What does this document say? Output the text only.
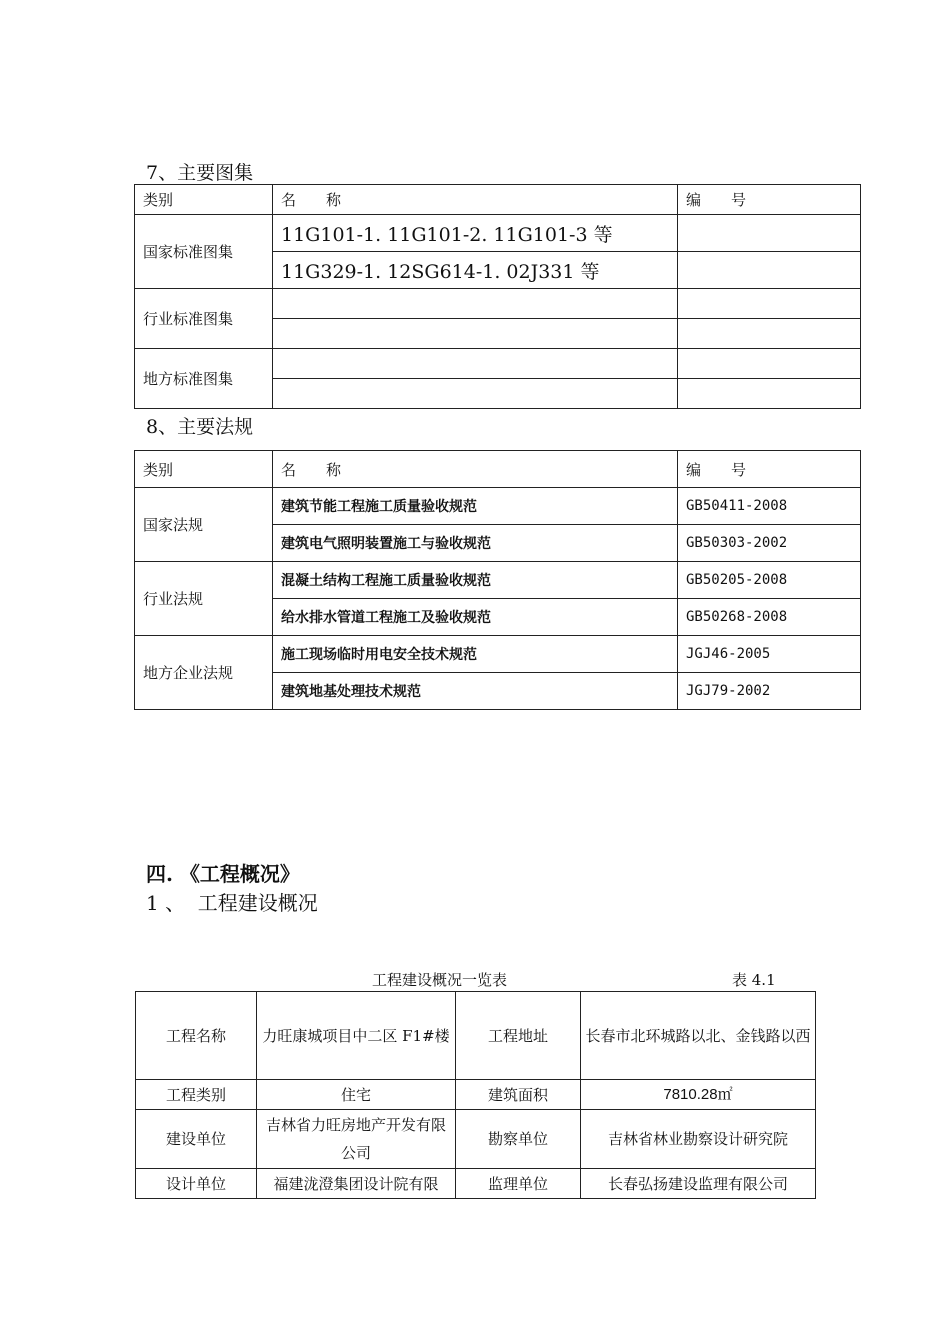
7、主要图集
类别	名　　称	编　　号
国家标准图集	11G101-1. 11G101-2. 11G101-3 等	
	11G329-1. 12SG614-1. 02J331 等	
行业标准图集		

地方标准图集		

8、主要法规
类别	名　　称	编　　号
国家法规	建筑节能工程施工质量验收规范	GB50411-2008
	建筑电气照明装置施工与验收规范	GB50303-2002
行业法规	混凝土结构工程施工质量验收规范	GB50205-2008
	给水排水管道工程施工及验收规范	GB50268-2008
地方企业法规	施工现场临时用电安全技术规范	JGJ46-2005
	建筑地基处理技术规范	JGJ79-2002
四. 《工程概况》
1 、  工程建设概况
工程建设概况一览表	表 4.1
工程名称	力旺康城项目中二区 F1#楼	工程地址	长春市北环城路以北、金钱路以西
工程类别	住宅	建筑面积	7810.28㎡
建设单位	吉林省力旺房地产开发有限公司	勘察单位	吉林省林业勘察设计研究院
设计单位	福建泷澄集团设计院有限	监理单位	长春弘扬建设监理有限公司
